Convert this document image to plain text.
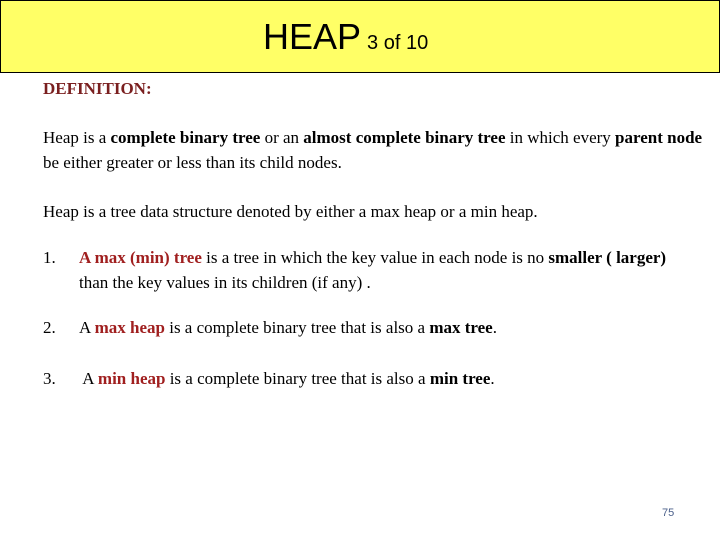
HEAP 3 of 10

DEFINITION:

Heap is a complete binary tree or an almost complete binary tree in which every parent node be either greater or less than its child nodes.

Heap is a tree data structure denoted by either a max heap or a min heap.

1. A max (min) tree is a tree in which the key value in each node is no smaller ( larger) than the key values in its children (if any) .
2. A max heap is a complete binary tree that is also a max tree.
3. A min heap is a complete binary tree that is also a min tree.
75
